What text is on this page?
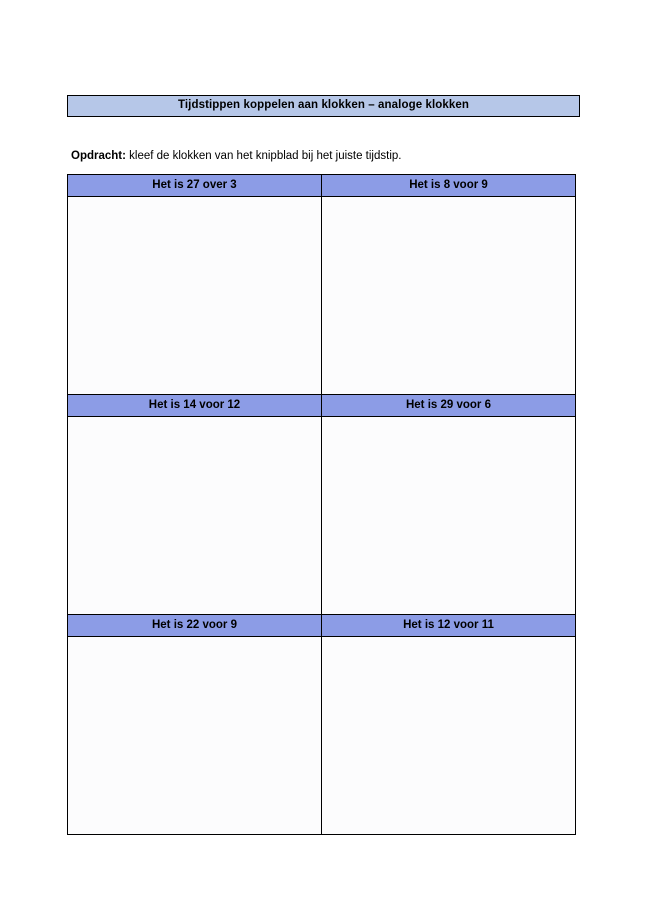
Tijdstippen koppelen aan klokken – analoge klokken
Opdracht: kleef de klokken van het knipblad bij het juiste tijdstip.
Het is 27 over 3	Het is 8 voor 9

Het is 14 voor 12	Het is 29 voor 6

Het is 22 voor 9	Het is 12 voor 11
